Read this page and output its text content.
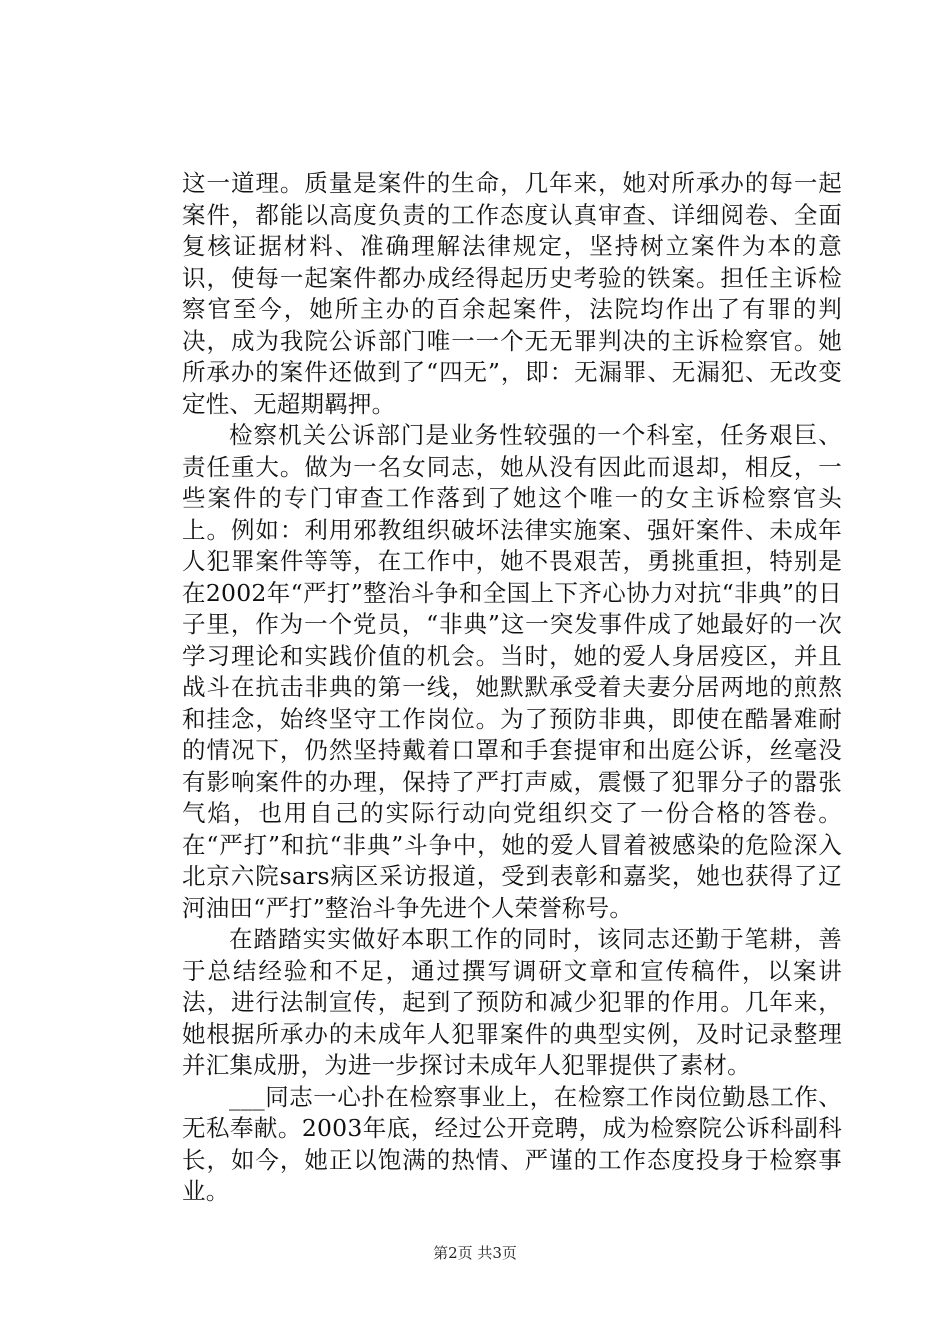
这一道理。质量是案件的生命，几年来，她对所承办的每一起案件，都能以高度负责的工作态度认真审查、详细阅卷、全面复核证据材料、准确理解法律规定，坚持树立案件为本的意识，使每一起案件都办成经得起历史考验的铁案。担任主诉检察官至今，她所主办的百余起案件，法院均作出了有罪的判决，成为我院公诉部门唯一一个无无罪判决的主诉检察官。她所承办的案件还做到了“四无”，即：无漏罪、无漏犯、无改变定性、无超期羁押。

检察机关公诉部门是业务性较强的一个科室，任务艰巨、责任重大。做为一名女同志，她从没有因此而退却，相反，一些案件的专门审查工作落到了她这个唯一的女主诉检察官头上。例如：利用邪教组织破坏法律实施案、强奸案件、未成年人犯罪案件等等，在工作中，她不畏艰苦，勇挑重担，特别是在2002年“严打”整治斗争和全国上下齐心协力对抗“非典”的日子里，作为一个党员，“非典”这一突发事件成了她最好的一次学习理论和实践价值的机会。当时，她的爱人身居疫区，并且战斗在抗击非典的第一线，她默默承受着夫妻分居两地的煎熬和挂念，始终坚守工作岗位。为了预防非典，即使在酷暑难耐的情况下，仍然坚持戴着口罩和手套提审和出庭公诉，丝毫没有影响案件的办理，保持了严打声威，震慑了犯罪分子的嚣张气焰，也用自己的实际行动向党组织交了一份合格的答卷。在“严打”和抗“非典”斗争中，她的爱人冒着被感染的危险深入北京六院sars病区采访报道，受到表彰和嘉奖，她也获得了辽河油田“严打”整治斗争先进个人荣誉称号。

在踏踏实实做好本职工作的同时，该同志还勤于笔耕，善于总结经验和不足，通过撰写调研文章和宣传稿件，以案讲法，进行法制宣传，起到了预防和减少犯罪的作用。几年来，她根据所承办的未成年人犯罪案件的典型实例，及时记录整理并汇集成册，为进一步探讨未成年人犯罪提供了素材。

___同志一心扑在检察事业上，在检察工作岗位勤恳工作、无私奉献。2003年底，经过公开竞聘，成为检察院公诉科副科长，如今，她正以饱满的热情、严谨的工作态度投身于检察事业。

第2页 共3页
